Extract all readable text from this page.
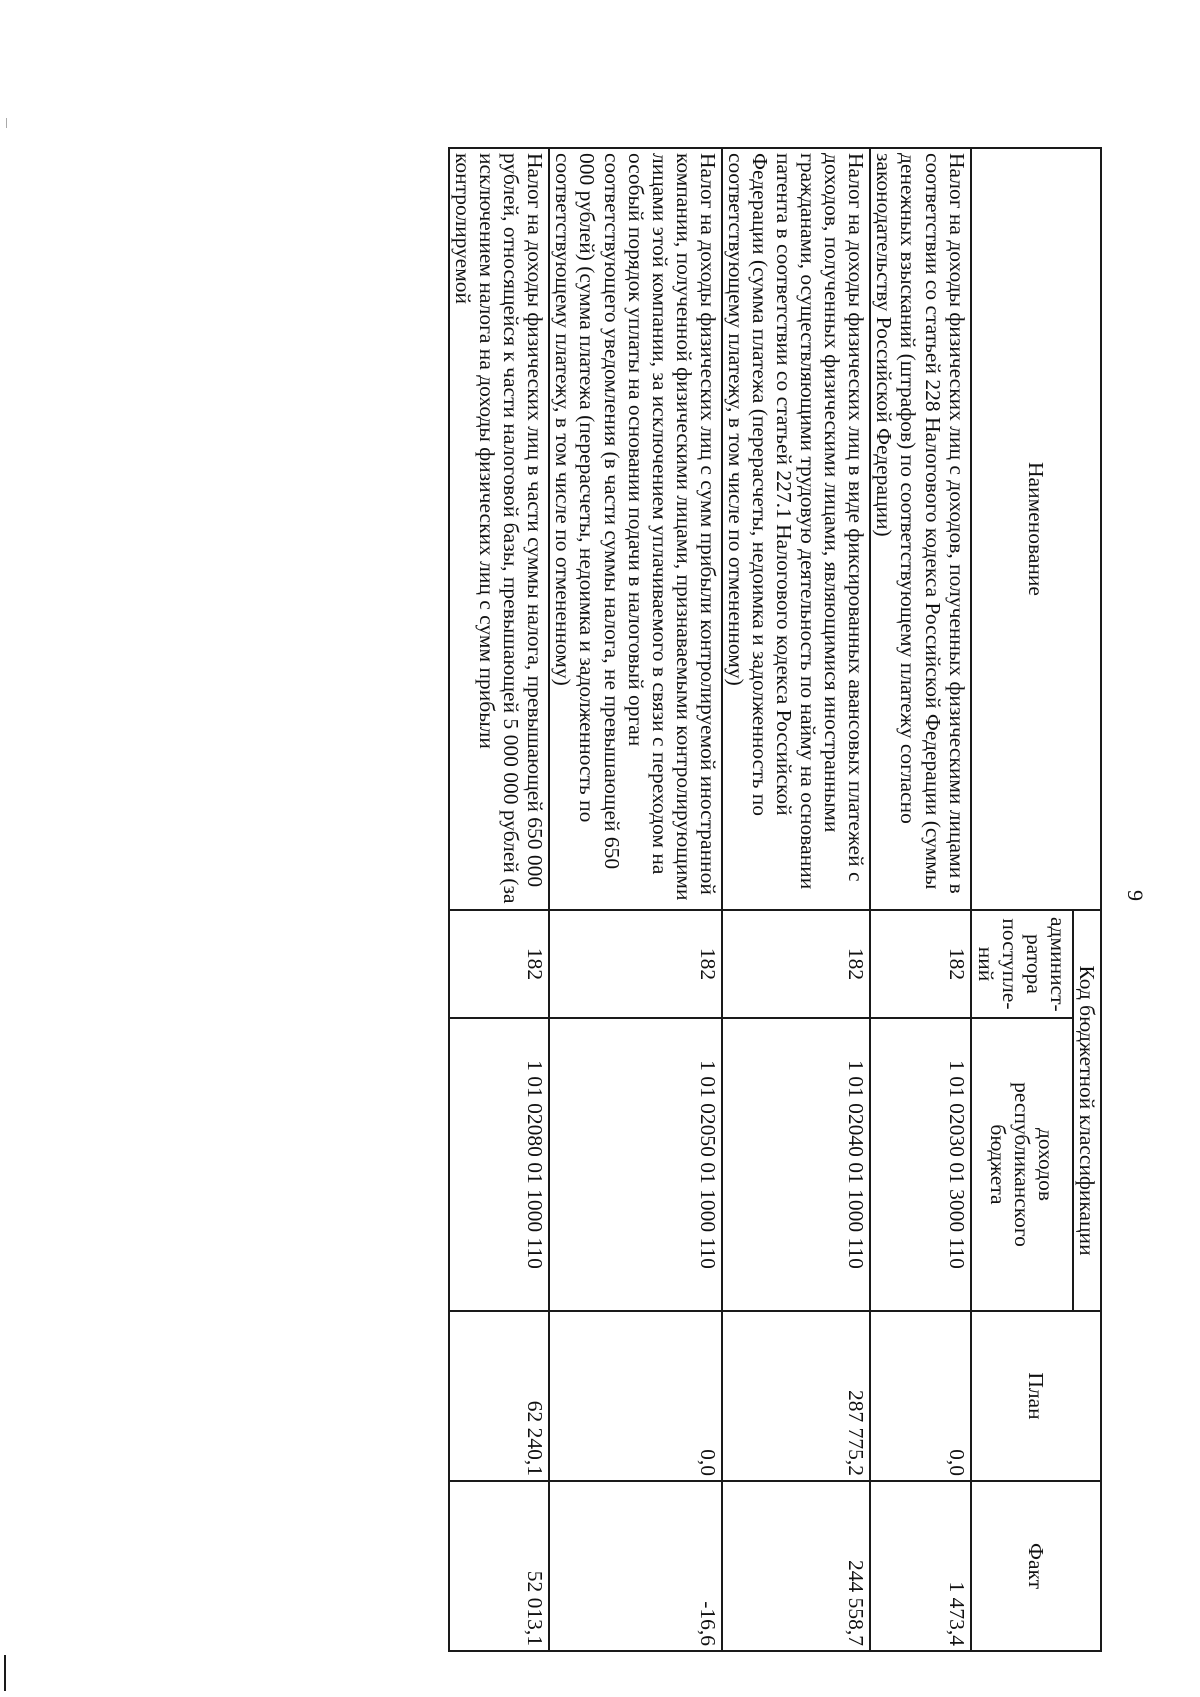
9
Наименование	Код бюджетной классификации		План	Факт
	админист-ратора поступле-ний	доходов республиканского бюджета		
Налог на доходы физических лиц с доходов, полученных физическими лицами в соответствии со статьей 228 Налогового кодекса Российской Федерации (суммы денежных взысканий (штрафов) по соответствующему платежу согласно законодательству Российской Федерации)	182	1 01 02030 01 3000 110	0,0	1 473,4
Налог на доходы физических лиц в виде фиксированных авансовых платежей с доходов, полученных физическими лицами, являющимися иностранными гражданами, осуществляющими трудовую деятельность по найму на основании патента в соответствии со статьей 227.1 Налогового кодекса Российской Федерации (сумма платежа (перерасчеты, недоимка и задолженность по соответствующему платежу, в том числе по отмененному)	182	1 01 02040 01 1000 110	287 775,2	244 558,7
Налог на доходы физических лиц с сумм прибыли контролируемой иностранной компании, полученной физическими лицами, признаваемыми контролирующими лицами этой компании, за исключением уплачиваемого в связи с переходом на особый порядок уплаты на основании подачи в налоговый орган соответствующего уведомления (в части суммы налога, не превышающей 650 000 рублей) (сумма платежа (перерасчеты, недоимка и задолженность по соответствующему платежу, в том числе по отмененному)	182	1 01 02050 01 1000 110	0,0	-16,6
Налог на доходы физических лиц в части суммы налога, превышающей 650 000 рублей, относящейся к части налоговой базы, превышающей 5 000 000 рублей (за исключением налога на доходы физических лиц с сумм прибыли контролируемой	182	1 01 02080 01 1000 110	62 240,1	52 013,1
